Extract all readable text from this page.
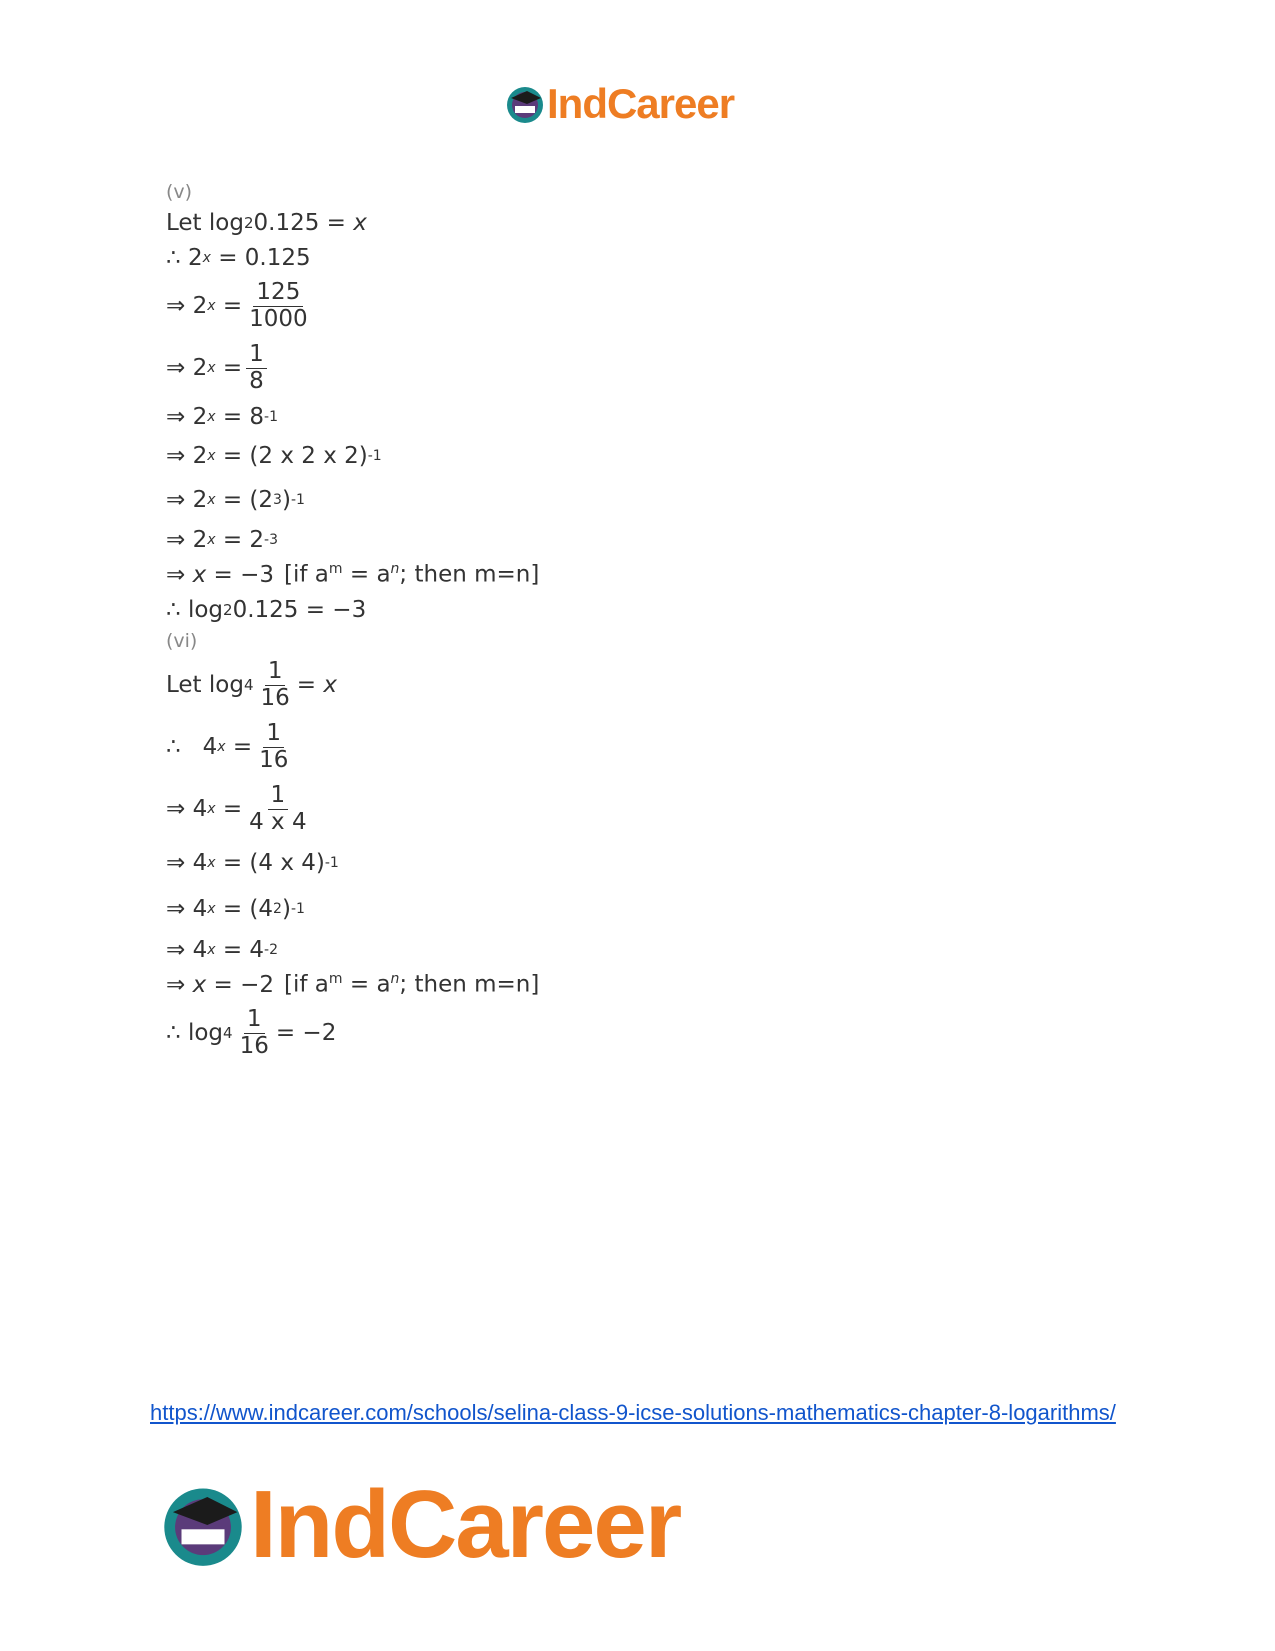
IndCareer
(v)
Let log 2 0.125 =
x
∴ 2 x
= 0.125
⇒ 2 x
= $\frac{125}{1000}$
⇒ 2 x
= $\frac{1}{8}$
⇒ 2 x
= 8 -1
⇒ 2 x
= (2 x 2 x 2) -1
⇒ 2 x
= (2 3 ) -1
⇒ 2 x
= 2 -3
⇒
x
= −3 [if $a^m = a^n$; then m=n]
∴ log 2 0.125 = −3
(vi)
Let $\log 4 \frac{1}{16}$ =
x
∴   4 x
= $\frac{1}{16}$
⇒ 4 x
= $\frac{1}{4 x 4}$
⇒ 4 x
= (4 x 4) -1
⇒ 4 x
= (4 2 ) -1
⇒ 4 x
= 4 -2
⇒
x
= −2 [if $a^m = a^n$; then m=n]
∴ $\log 4 \frac{1}{16} = -2$
https://www.indcareer.com/schools/selina-class-9-icse-solutions-mathematics-chapter-8-logarithms/
IndCareer
